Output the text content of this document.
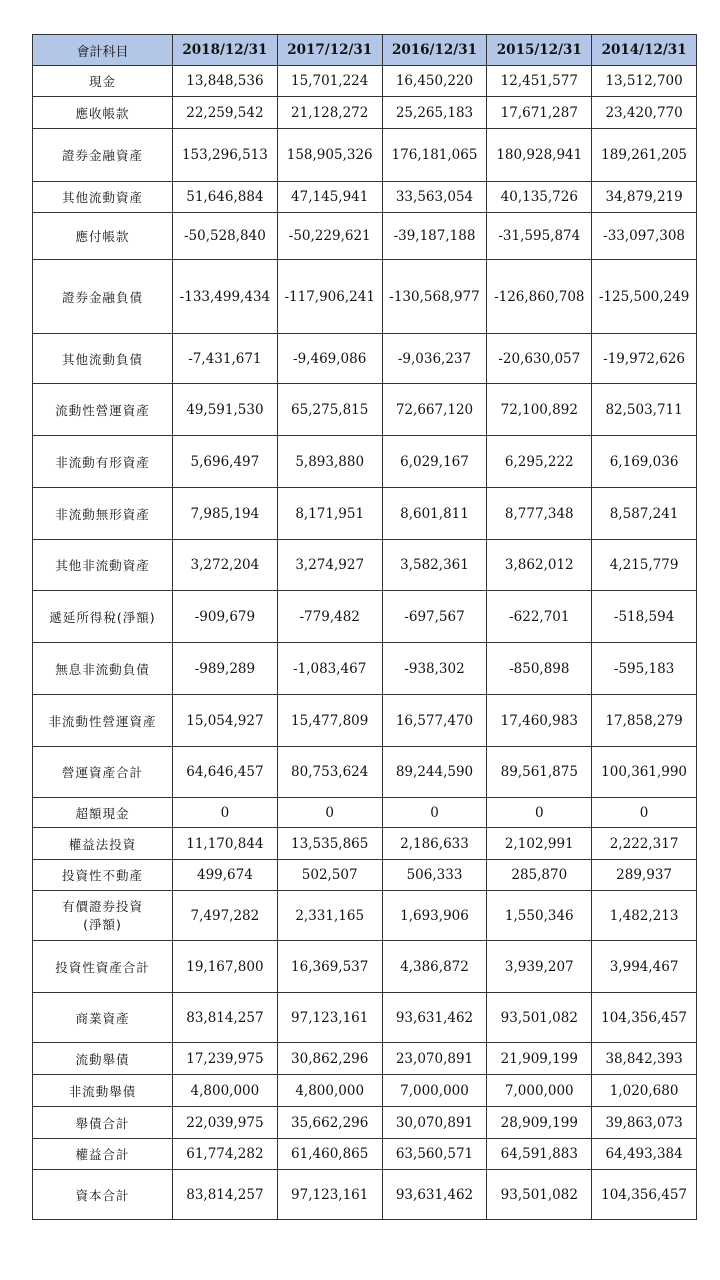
會計科目	2018/12/31	2017/12/31	2016/12/31	2015/12/31	2014/12/31
現金	13,848,536	15,701,224	16,450,220	12,451,577	13,512,700
應收帳款	22,259,542	21,128,272	25,265,183	17,671,287	23,420,770
證券金融資產	153,296,513	158,905,326	176,181,065	180,928,941	189,261,205
其他流動資產	51,646,884	47,145,941	33,563,054	40,135,726	34,879,219
應付帳款	-50,528,840	-50,229,621	-39,187,188	-31,595,874	-33,097,308
證券金融負債	-133,499,434	-117,906,241	-130,568,977	-126,860,708	-125,500,249
其他流動負債	-7,431,671	-9,469,086	-9,036,237	-20,630,057	-19,972,626
流動性營運資產	49,591,530	65,275,815	72,667,120	72,100,892	82,503,711
非流動有形資產	5,696,497	5,893,880	6,029,167	6,295,222	6,169,036
非流動無形資產	7,985,194	8,171,951	8,601,811	8,777,348	8,587,241
其他非流動資產	3,272,204	3,274,927	3,582,361	3,862,012	4,215,779
遞延所得稅(淨額)	-909,679	-779,482	-697,567	-622,701	-518,594
無息非流動負債	-989,289	-1,083,467	-938,302	-850,898	-595,183
非流動性營運資產	15,054,927	15,477,809	16,577,470	17,460,983	17,858,279
營運資產合計	64,646,457	80,753,624	89,244,590	89,561,875	100,361,990
超額現金	0	0	0	0	0
權益法投資	11,170,844	13,535,865	2,186,633	2,102,991	2,222,317
投資性不動產	499,674	502,507	506,333	285,870	289,937
有價證券投資
(淨額)	7,497,282	2,331,165	1,693,906	1,550,346	1,482,213
投資性資產合計	19,167,800	16,369,537	4,386,872	3,939,207	3,994,467
商業資產	83,814,257	97,123,161	93,631,462	93,501,082	104,356,457
流動舉債	17,239,975	30,862,296	23,070,891	21,909,199	38,842,393
非流動舉債	4,800,000	4,800,000	7,000,000	7,000,000	1,020,680
舉債合計	22,039,975	35,662,296	30,070,891	28,909,199	39,863,073
權益合計	61,774,282	61,460,865	63,560,571	64,591,883	64,493,384
資本合計	83,814,257	97,123,161	93,631,462	93,501,082	104,356,457
